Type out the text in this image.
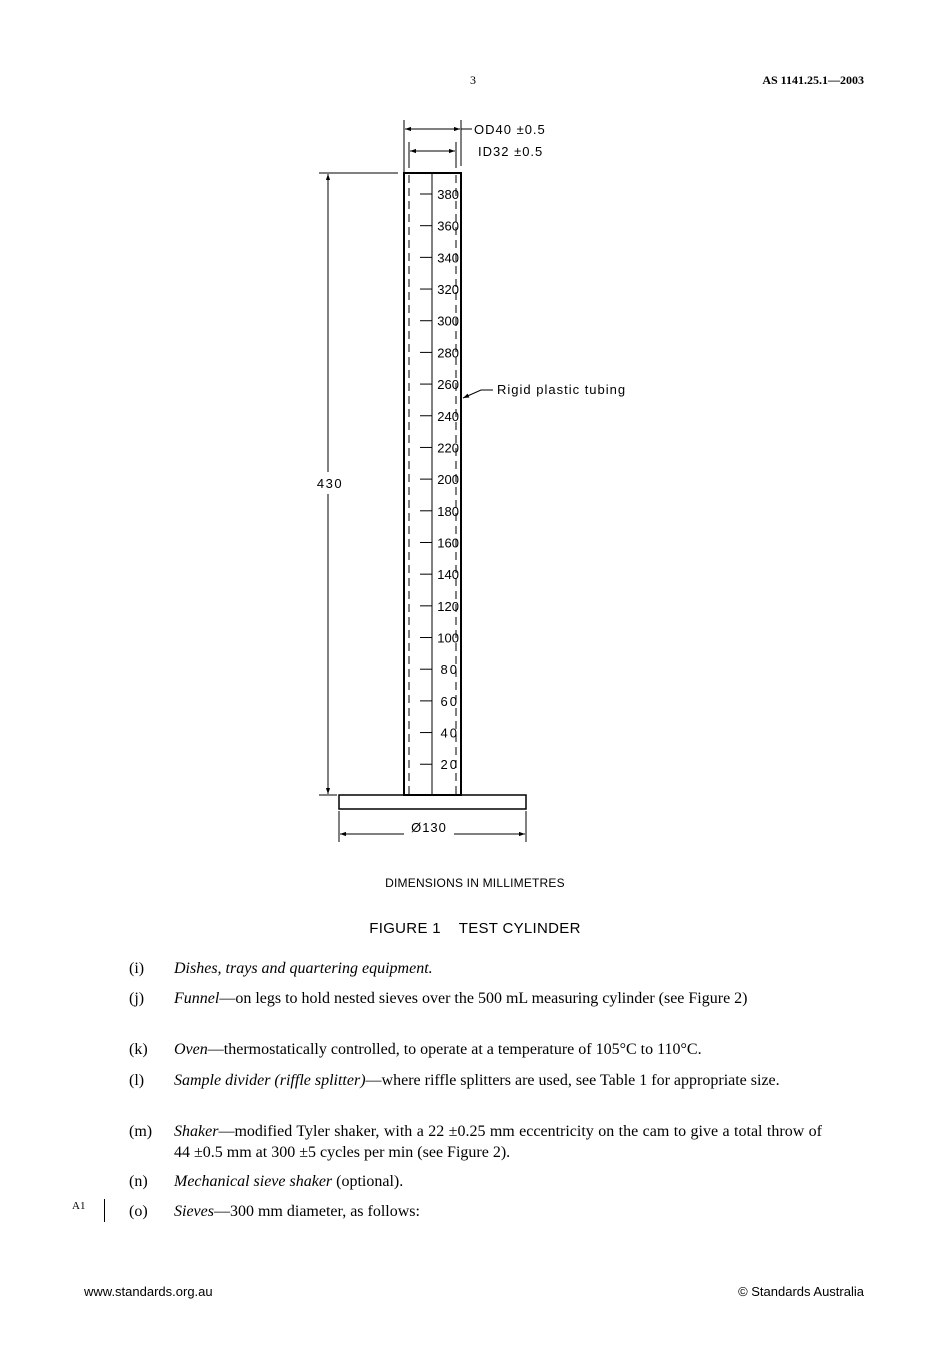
3	AS 1141.25.1—2003
OD40 ±0.5
ID32 ±0.5
380
360
340
320
300
280
260
240
220
200
180
160
140
120
100
80
60
40
20
430
Ø130
Rigid plastic tubing
DIMENSIONS IN MILLIMETRES
FIGURE 1 TEST CYLINDER
(i)	Dishes, trays and quartering equipment.
(j)	Funnel—on legs to hold nested sieves over the 500 mL measuring cylinder (see Figure 2)
(k)	Oven—thermostatically controlled, to operate at a temperature of 105°C to 110°C.
(l)	Sample divider (riffle splitter)—where riffle splitters are used, see Table 1 for appropriate size.
(m)	Shaker—modified Tyler shaker, with a 22 ±0.25 mm eccentricity on the cam to give a total throw of 44 ±0.5 mm at 300 ±5 cycles per min (see Figure 2).
(n)	Mechanical sieve shaker (optional).
(o)	Sieves—300 mm diameter, as follows:
A1
www.standards.org.au	© Standards Australia
